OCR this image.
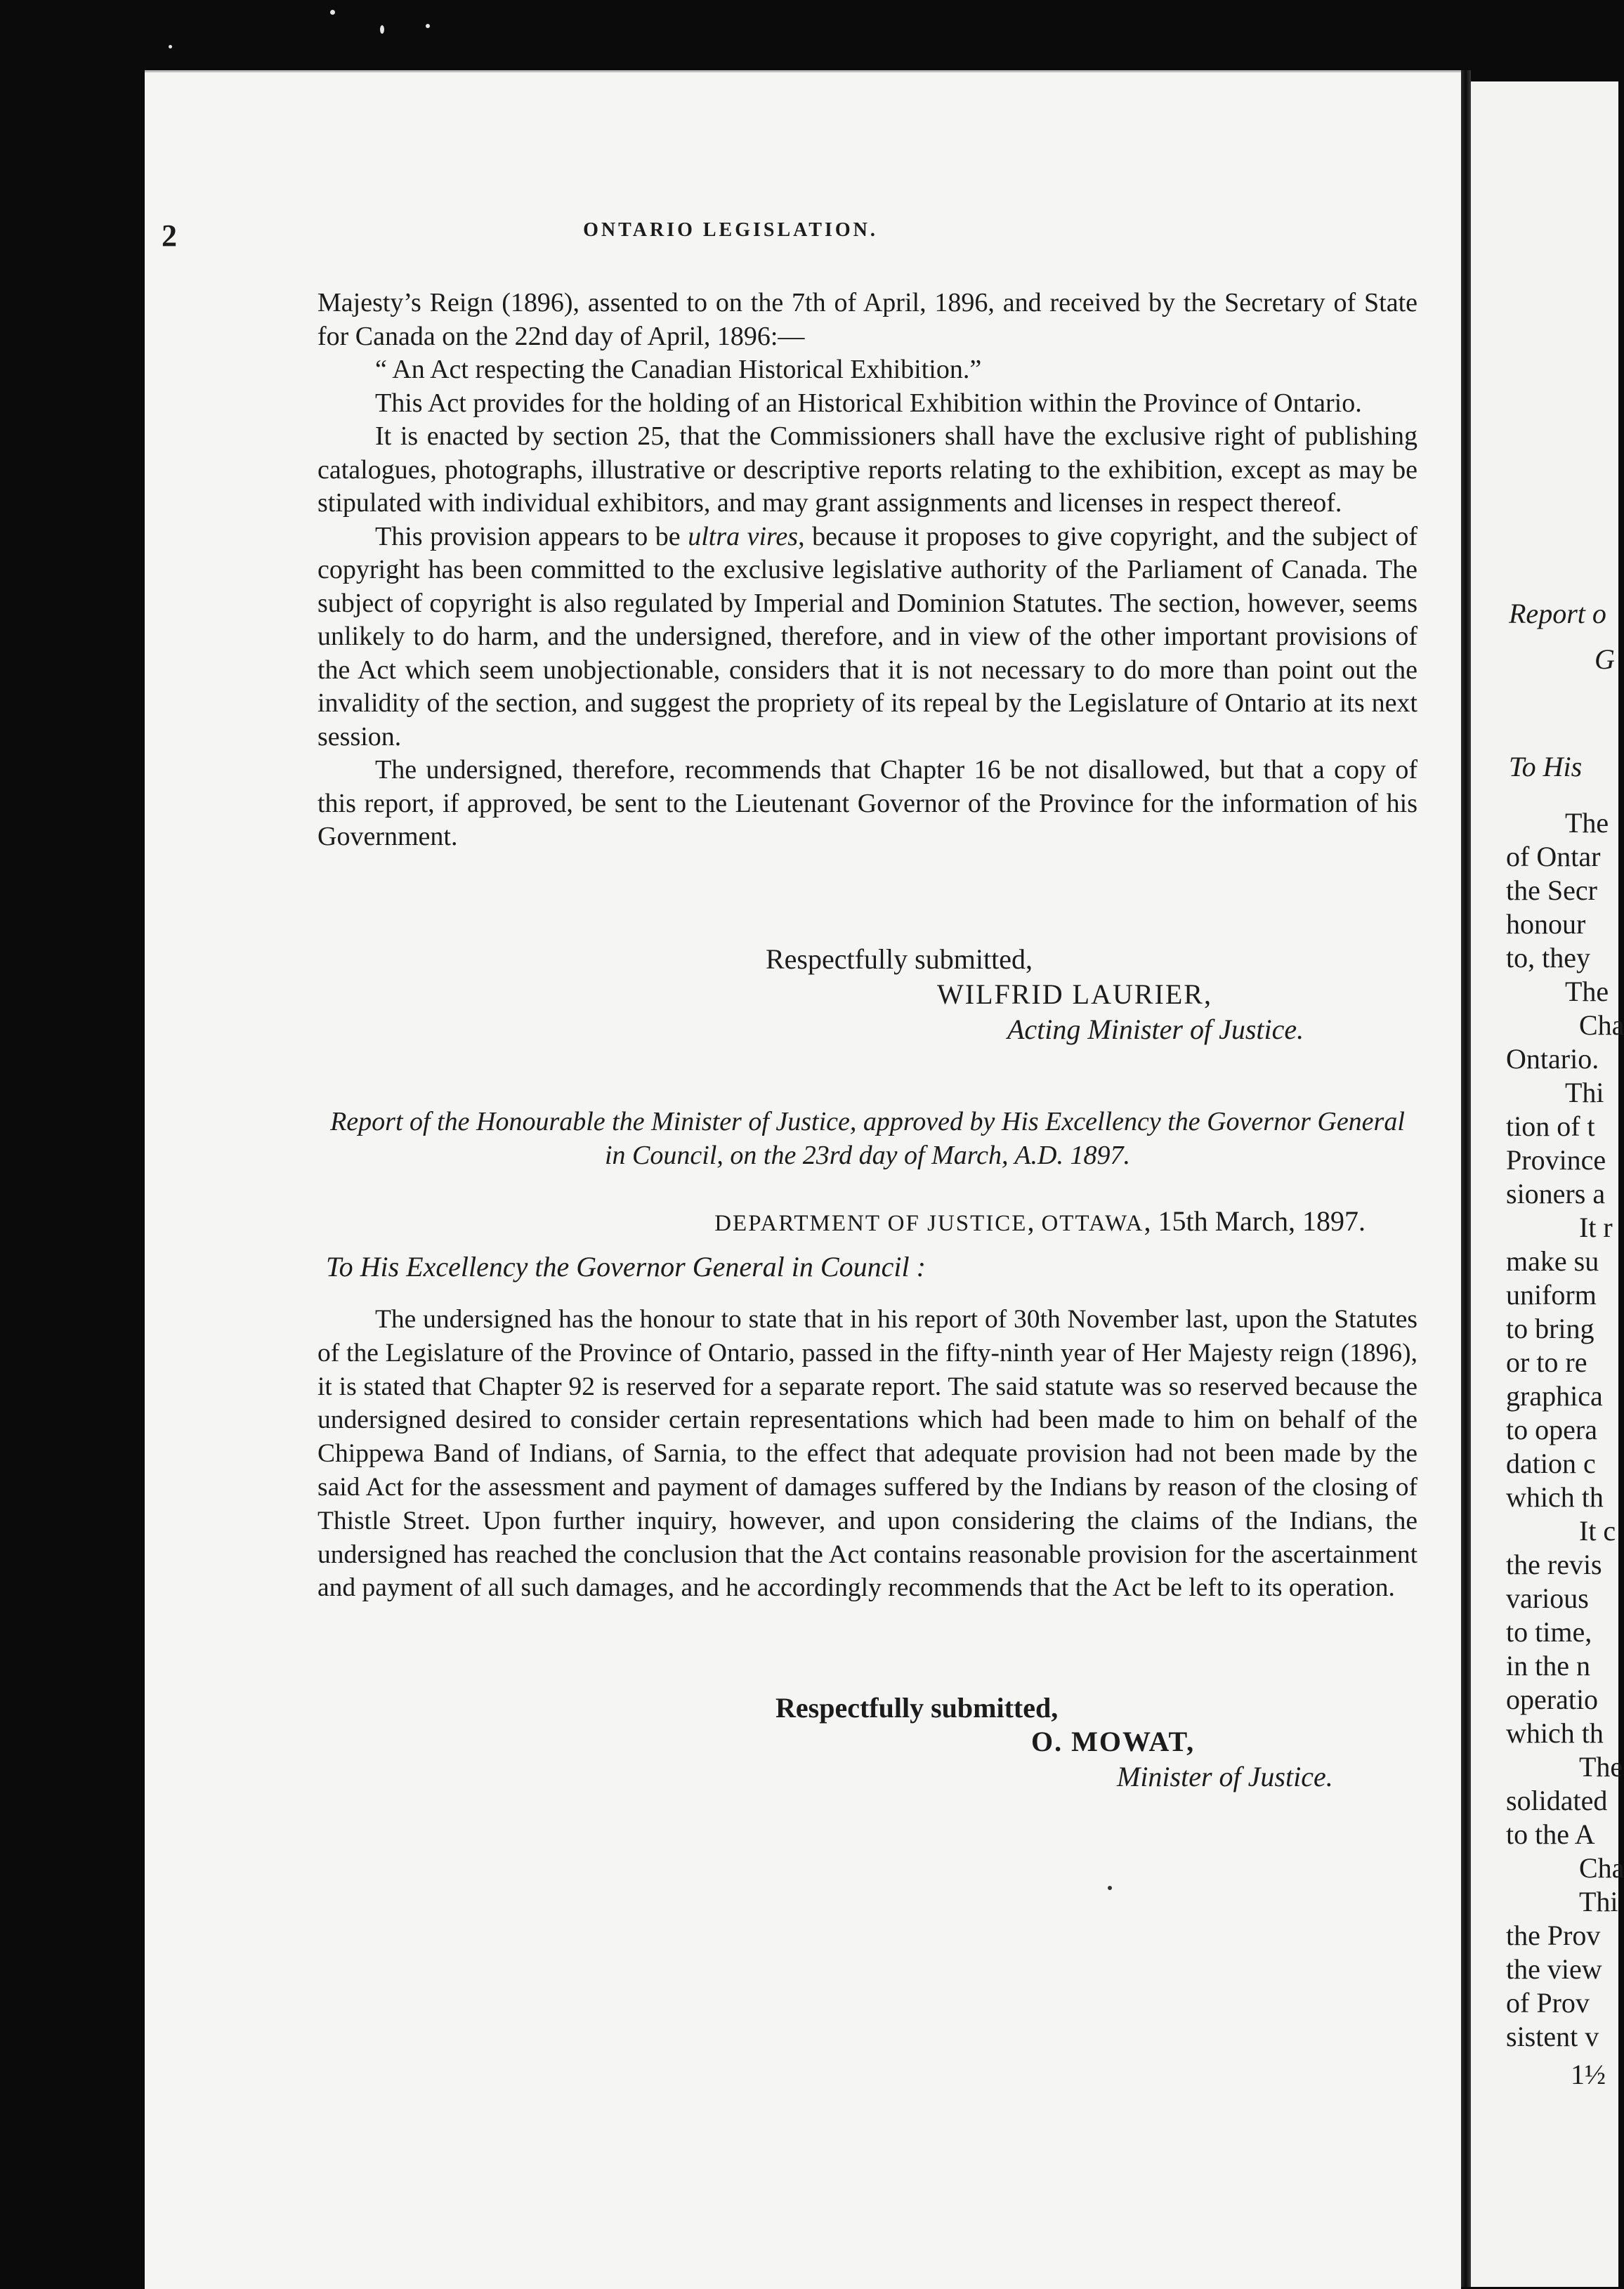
2	ONTARIO LEGISLATION.

Majesty’s Reign (1896), assented to on the 7th of April, 1896, and received by the Secretary of State for Canada on the 22nd day of April, 1896:—

“ An Act respecting the Canadian Historical Exhibition.”

This Act provides for the holding of an Historical Exhibition within the Province of Ontario.

It is enacted by section 25, that the Commissioners shall have the exclusive right of publishing catalogues, photographs, illustrative or descriptive reports relating to the exhibition, except as may be stipulated with individual exhibitors, and may grant assignments and licenses in respect thereof.

This provision appears to be ultra vires, because it proposes to give copyright, and the subject of copyright has been committed to the exclusive legislative authority of the Parliament of Canada. The subject of copyright is also regulated by Imperial and Dominion Statutes. The section, however, seems unlikely to do harm, and the undersigned, therefore, and in view of the other important provisions of the Act which seem unobjectionable, considers that it is not necessary to do more than point out the invalidity of the section, and suggest the propriety of its repeal by the Legislature of Ontario at its next session.

The undersigned, therefore, recommends that Chapter 16 be not disallowed, but that a copy of this report, if approved, be sent to the Lieutenant Governor of the Province for the information of his Government.

Respectfully submitted,
WILFRID LAURIER,
Acting Minister of Justice.
Report of the Honourable the Minister of Justice, approved by His Excellency the Governor General in Council, on the 23rd day of March, A.D. 1897.
DEPARTMENT OF JUSTICE, OTTAWA, 15th March, 1897.
To His Excellency the Governor General in Council :

The undersigned has the honour to state that in his report of 30th November last, upon the Statutes of the Legislature of the Province of Ontario, passed in the fifty-ninth year of Her Majesty reign (1896), it is stated that Chapter 92 is reserved for a separate report. The said statute was so reserved because the undersigned desired to consider certain representations which had been made to him on behalf of the Chippewa Band of Indians, of Sarnia, to the effect that adequate provision had not been made by the said Act for the assessment and payment of damages suffered by the Indians by reason of the closing of Thistle Street. Upon further inquiry, however, and upon considering the claims of the Indians, the undersigned has reached the conclusion that the Act contains reasonable provision for the ascertainment and payment of all such damages, and he accordingly recommends that the Act be left to its operation.

Respectfully submitted,
O. MOWAT,
Minister of Justice.
Report o
G
To His
The
of Ontar
the Secr
honour
to, they
The
Cha
Ontario.
Thi
tion of t
Province
sioners a
It r
make su
uniform
to bring
or to re
graphica
to opera
dation c
which th
It c
the revis
various
to time,
in the n
operatio
which th
The
solidated
to the A
Cha
Thi
the Prov
the view
of Prov
sistent v
1½
